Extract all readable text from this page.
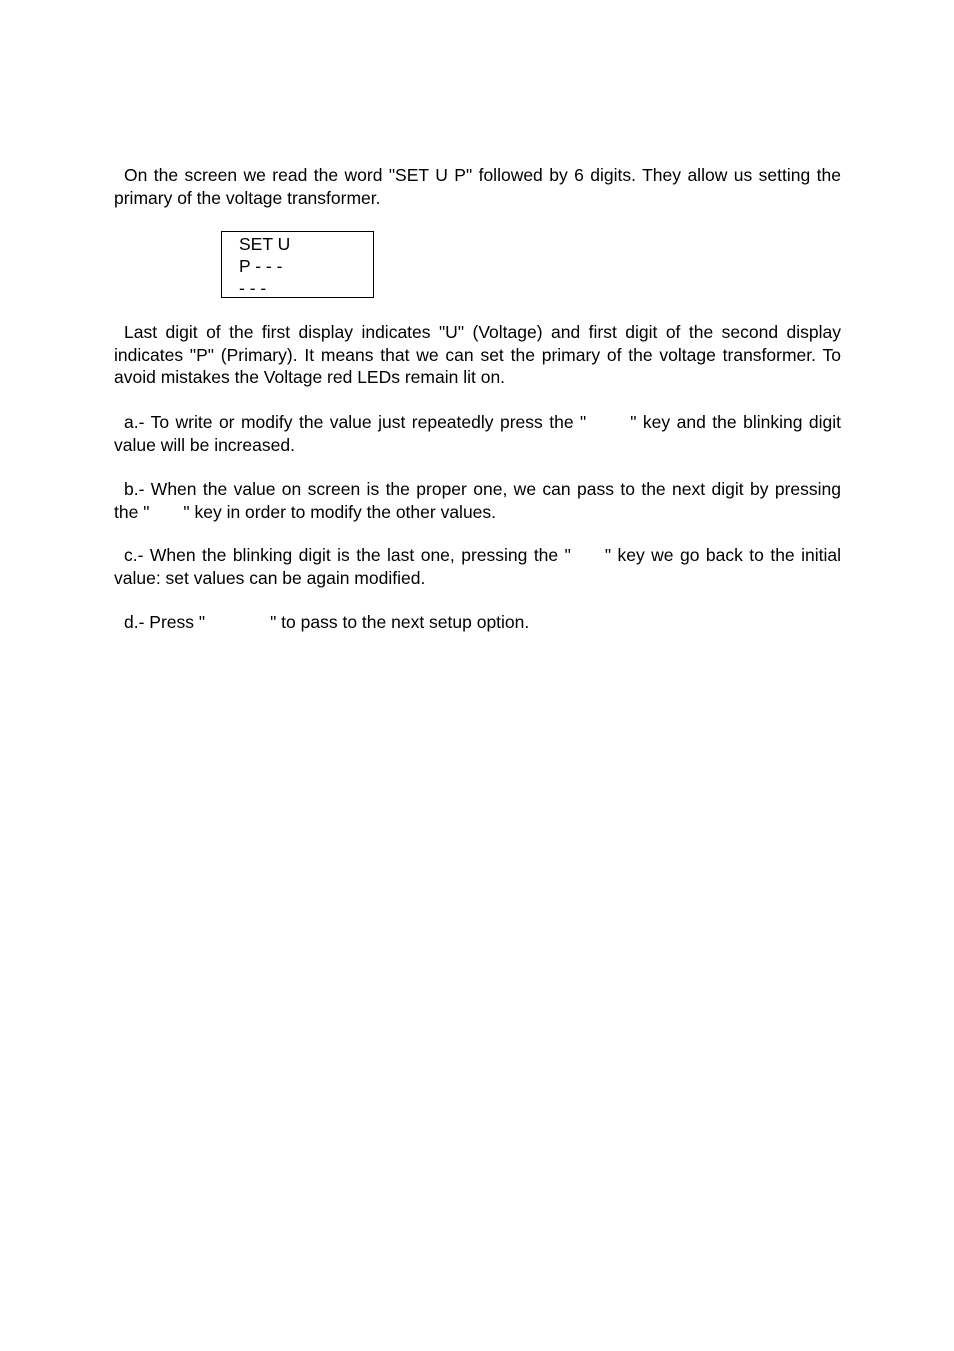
On the screen we read the word "SET U P" followed by 6 digits. They allow us setting the primary of the voltage transformer.

SET U
P - - -
- - -

Last digit of the first display indicates "U" (Voltage) and first digit of the second display indicates "P" (Primary). It means that we can set the primary of the voltage transformer. To avoid mistakes the Voltage red LEDs remain lit on.

a.- To write or modify the value just repeatedly press the "	" key and the blinking digit value will be increased.

b.- When the value on screen is the proper one, we can pass to the next digit by pressing the " " key in order to modify the other values.

c.- When the blinking digit is the last one, pressing the " " key we go back to the initial value: set values can be again modified.

d.- Press "	" to pass to the next setup option.
